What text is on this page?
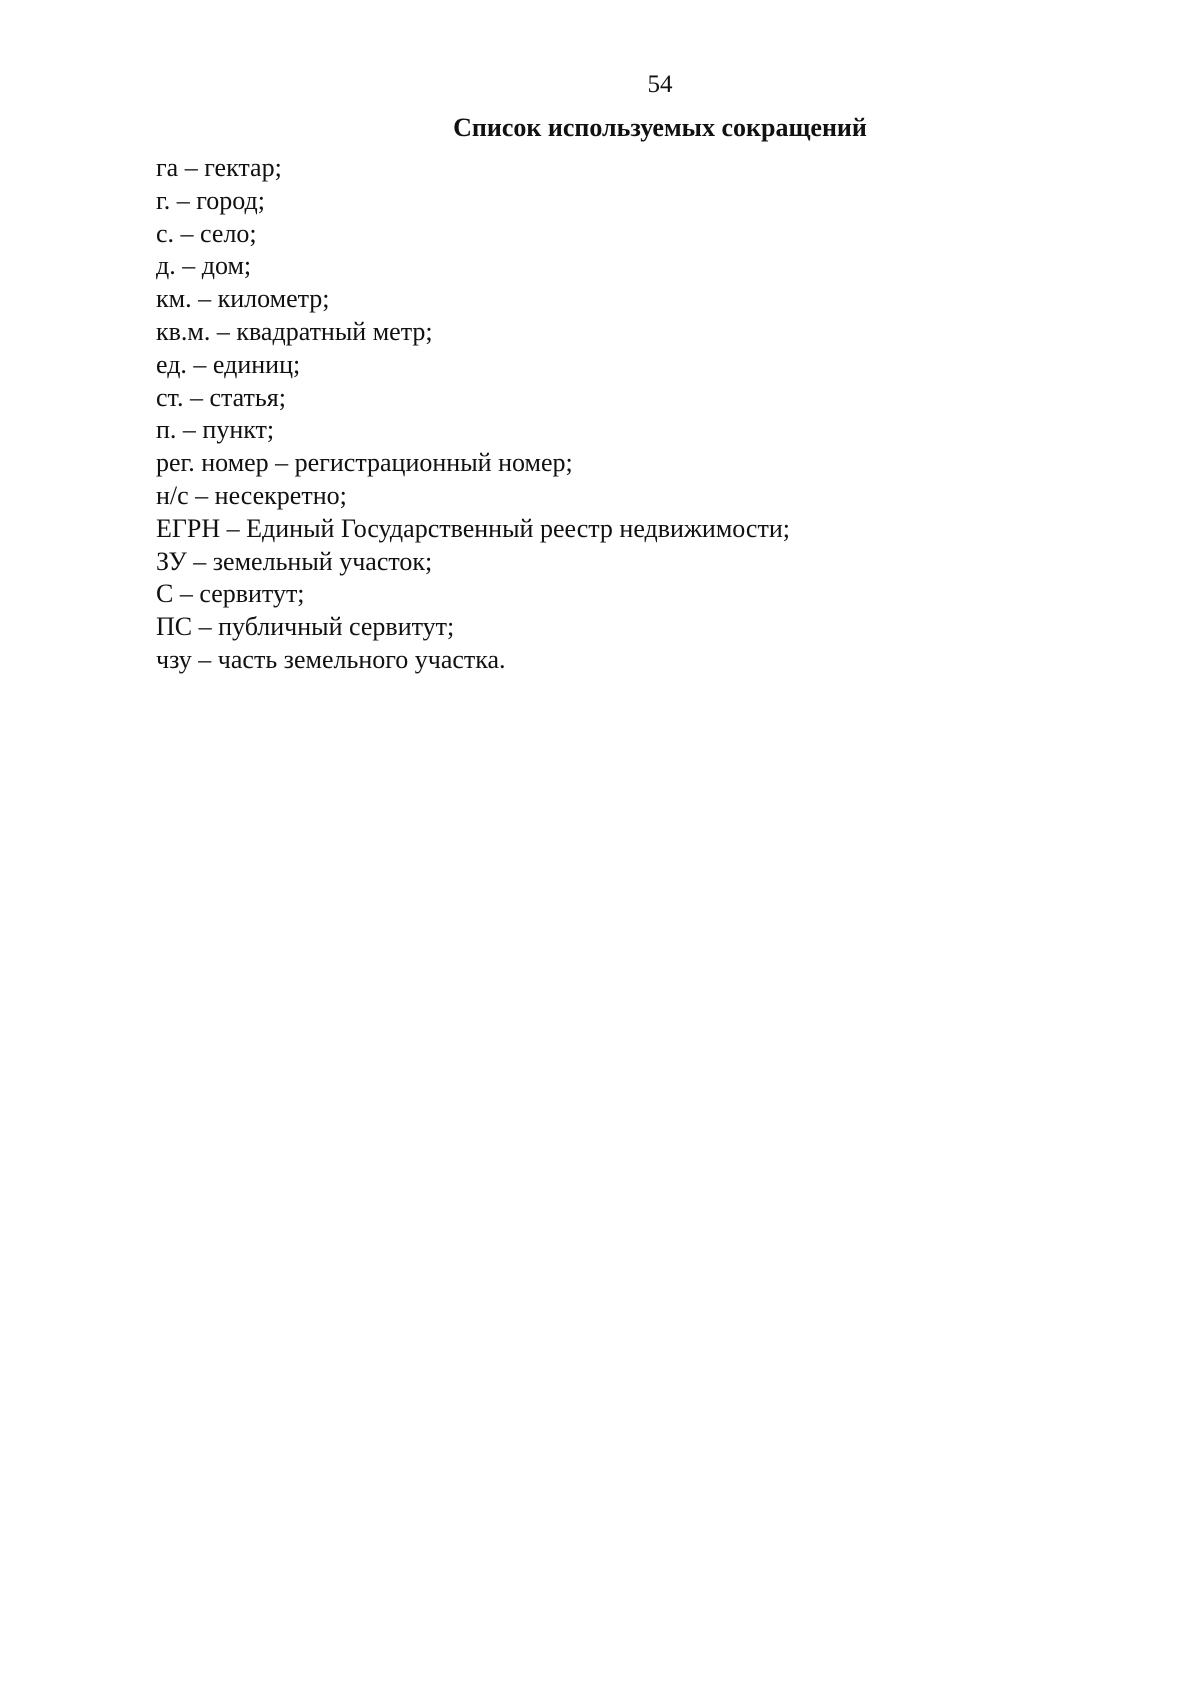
54
Список используемых сокращений
га – гектар;
г. – город;
с. – село;
д. – дом;
км. – километр;
кв.м. – квадратный метр;
ед. – единиц;
ст. – статья;
п. – пункт;
рег. номер – регистрационный номер;
н/с – несекретно;
ЕГРН – Единый Государственный реестр недвижимости;
ЗУ – земельный участок;
С – сервитут;
ПС – публичный сервитут;
чзу – часть земельного участка.
